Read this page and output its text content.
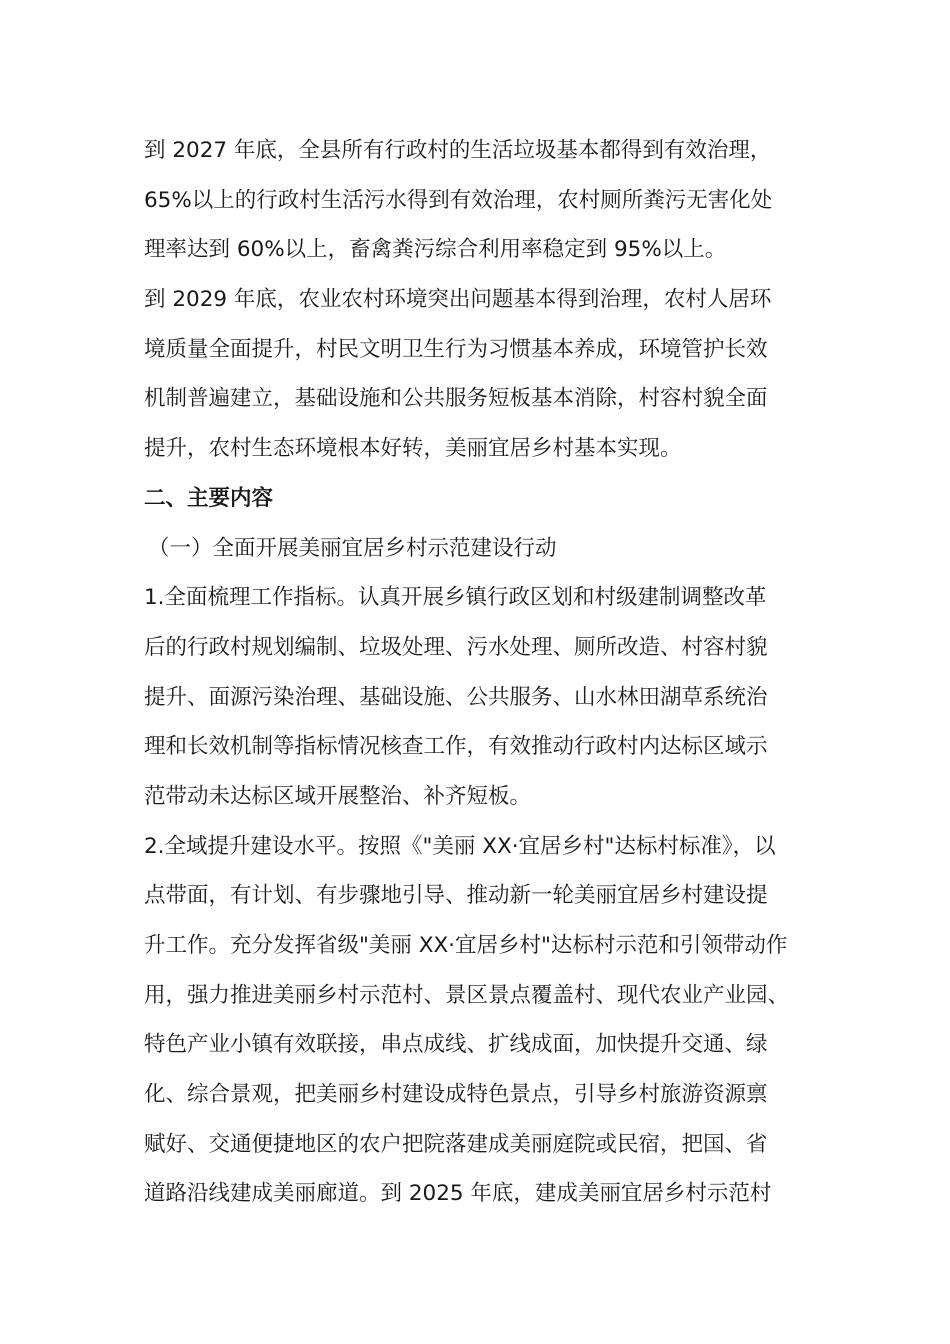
到 2027 年底，全县所有行政村的生活垃圾基本都得到有效治理，
65%以上的行政村生活污水得到有效治理，农村厕所粪污无害化处
理率达到 60%以上，畜禽粪污综合利用率稳定到 95%以上。
到 2029 年底，农业农村环境突出问题基本得到治理，农村人居环
境质量全面提升，村民文明卫生行为习惯基本养成，环境管护长效
机制普遍建立，基础设施和公共服务短板基本消除，村容村貌全面
提升，农村生态环境根本好转，美丽宜居乡村基本实现。
二、主要内容
（一）全面开展美丽宜居乡村示范建设行动
1.全面梳理工作指标。认真开展乡镇行政区划和村级建制调整改革
后的行政村规划编制、垃圾处理、污水处理、厕所改造、村容村貌
提升、面源污染治理、基础设施、公共服务、山水林田湖草系统治
理和长效机制等指标情况核查工作，有效推动行政村内达标区域示
范带动未达标区域开展整治、补齐短板。
2.全域提升建设水平。按照《"美丽 XX·宜居乡村"达标村标准》，以
点带面，有计划、有步骤地引导、推动新一轮美丽宜居乡村建设提
升工作。充分发挥省级"美丽 XX·宜居乡村"达标村示范和引领带动作
用，强力推进美丽乡村示范村、景区景点覆盖村、现代农业产业园、
特色产业小镇有效联接，串点成线、扩线成面，加快提升交通、绿
化、综合景观，把美丽乡村建设成特色景点，引导乡村旅游资源禀
赋好、交通便捷地区的农户把院落建成美丽庭院或民宿，把国、省
道路沿线建成美丽廊道。到 2025 年底，建成美丽宜居乡村示范村
